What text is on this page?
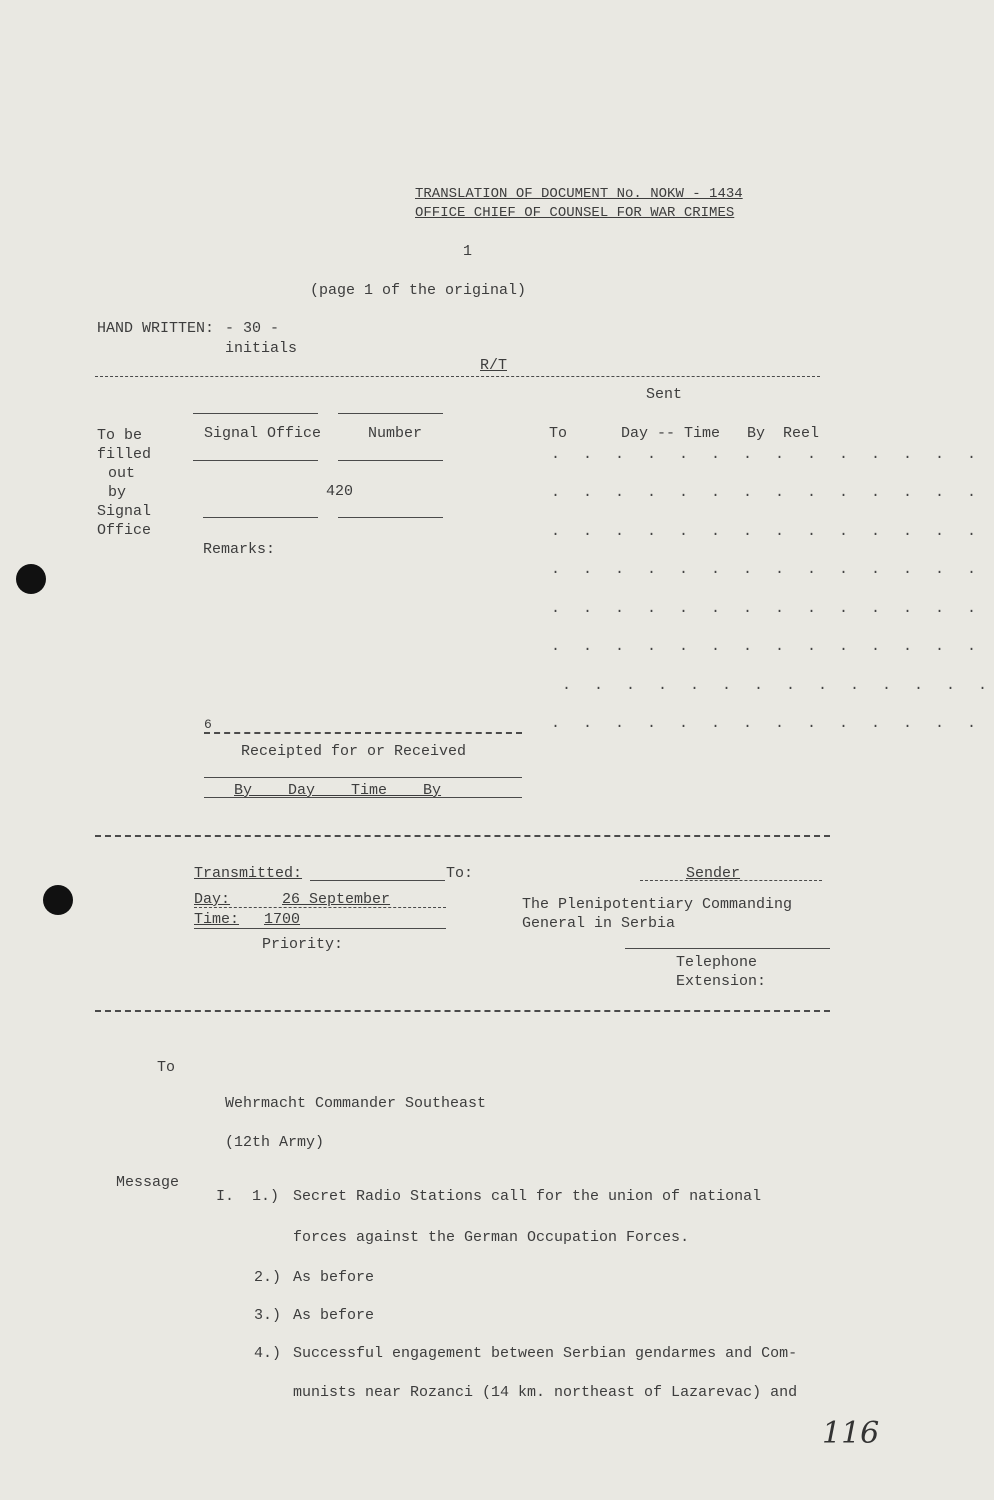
TRANSLATION OF DOCUMENT No. NOKW - 1434
OFFICE CHIEF OF COUNSEL FOR WAR CRIMES
1
(page 1 of the original)
HAND WRITTEN: - 30 -
initials
R/T
Sent
To      Day -- Time   By  Reel
. . . . . . . . . . . . . .
. . . . . . . . . . . . . .
. . . . . . . . . . . . . .
. . . . . . . . . . . . . .
. . . . . . . . . . . . . .
. . . . . . . . . . . . . .
. . . . . . . . . . . . . .
. . . . . . . . . . . . . .
To be
filled
out
by
Signal
Office
Signal Office	Number
420
Remarks:
6
Receipted for or Received
By    Day    Time    By
Transmitted:	To:
Day:	26 September
Time: 1700
Priority:
Sender
The Plenipotentiary Commanding
General in Serbia
Telephone
Extension:
To
Wehrmacht Commander Southeast
(12th Army)
Message
I.  1.) Secret Radio Stations call for the union of national
forces against the German Occupation Forces.
2.) As before
3.) As before
4.) Successful engagement between Serbian gendarmes and Com-
munists near Rozanci (14 km. northeast of Lazarevac) and
116
